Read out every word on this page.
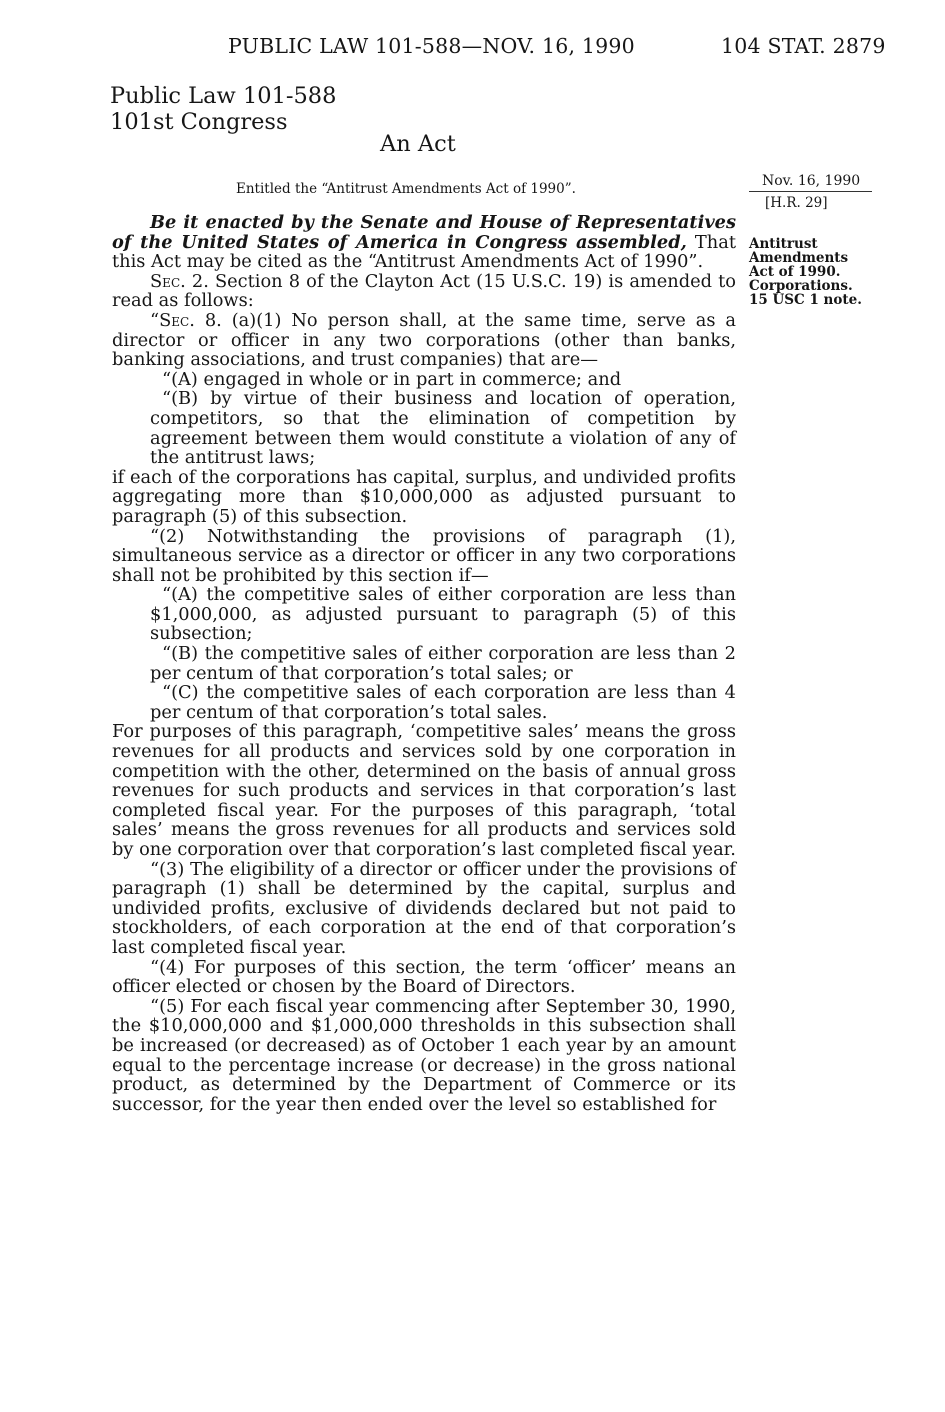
PUBLIC LAW 101-588—NOV. 16, 1990	104 STAT. 2879
Public Law 101-588
101st Congress
An Act
Entitled the “Antitrust Amendments Act of 1990”.	Nov. 16, 1990
[H.R. 29]
Antitrust
Amendments
Act of 1990.
Corporations.
15 USC 1 note.

Be it enacted by the Senate and House of Representatives of the United States of America in Congress assembled, That this Act may be cited as the “Antitrust Amendments Act of 1990”.

Sec. 2. Section 8 of the Clayton Act (15 U.S.C. 19) is amended to read as follows:

“Sec. 8. (a)(1) No person shall, at the same time, serve as a director or officer in any two corporations (other than banks, banking associations, and trust companies) that are—

“(A) engaged in whole or in part in commerce; and

“(B) by virtue of their business and location of operation, competitors, so that the elimination of competition by agreement between them would constitute a violation of any of the antitrust laws;

if each of the corporations has capital, surplus, and undivided profits aggregating more than $10,000,000 as adjusted pursuant to paragraph (5) of this subsection.

“(2) Notwithstanding the provisions of paragraph (1), simultaneous service as a director or officer in any two corporations shall not be prohibited by this section if—

“(A) the competitive sales of either corporation are less than $1,000,000, as adjusted pursuant to paragraph (5) of this subsection;

“(B) the competitive sales of either corporation are less than 2 per centum of that corporation’s total sales; or

“(C) the competitive sales of each corporation are less than 4 per centum of that corporation’s total sales.

For purposes of this paragraph, ‘competitive sales’ means the gross revenues for all products and services sold by one corporation in competition with the other, determined on the basis of annual gross revenues for such products and services in that corporation’s last completed fiscal year. For the purposes of this paragraph, ‘total sales’ means the gross revenues for all products and services sold by one corporation over that corporation’s last completed fiscal year.

“(3) The eligibility of a director or officer under the provisions of paragraph (1) shall be determined by the capital, surplus and undivided profits, exclusive of dividends declared but not paid to stockholders, of each corporation at the end of that corporation’s last completed fiscal year.

“(4) For purposes of this section, the term ‘officer’ means an officer elected or chosen by the Board of Directors.

“(5) For each fiscal year commencing after September 30, 1990, the $10,000,000 and $1,000,000 thresholds in this subsection shall be increased (or decreased) as of October 1 each year by an amount equal to the percentage increase (or decrease) in the gross national product, as determined by the Department of Commerce or its successor, for the year then ended over the level so established for
